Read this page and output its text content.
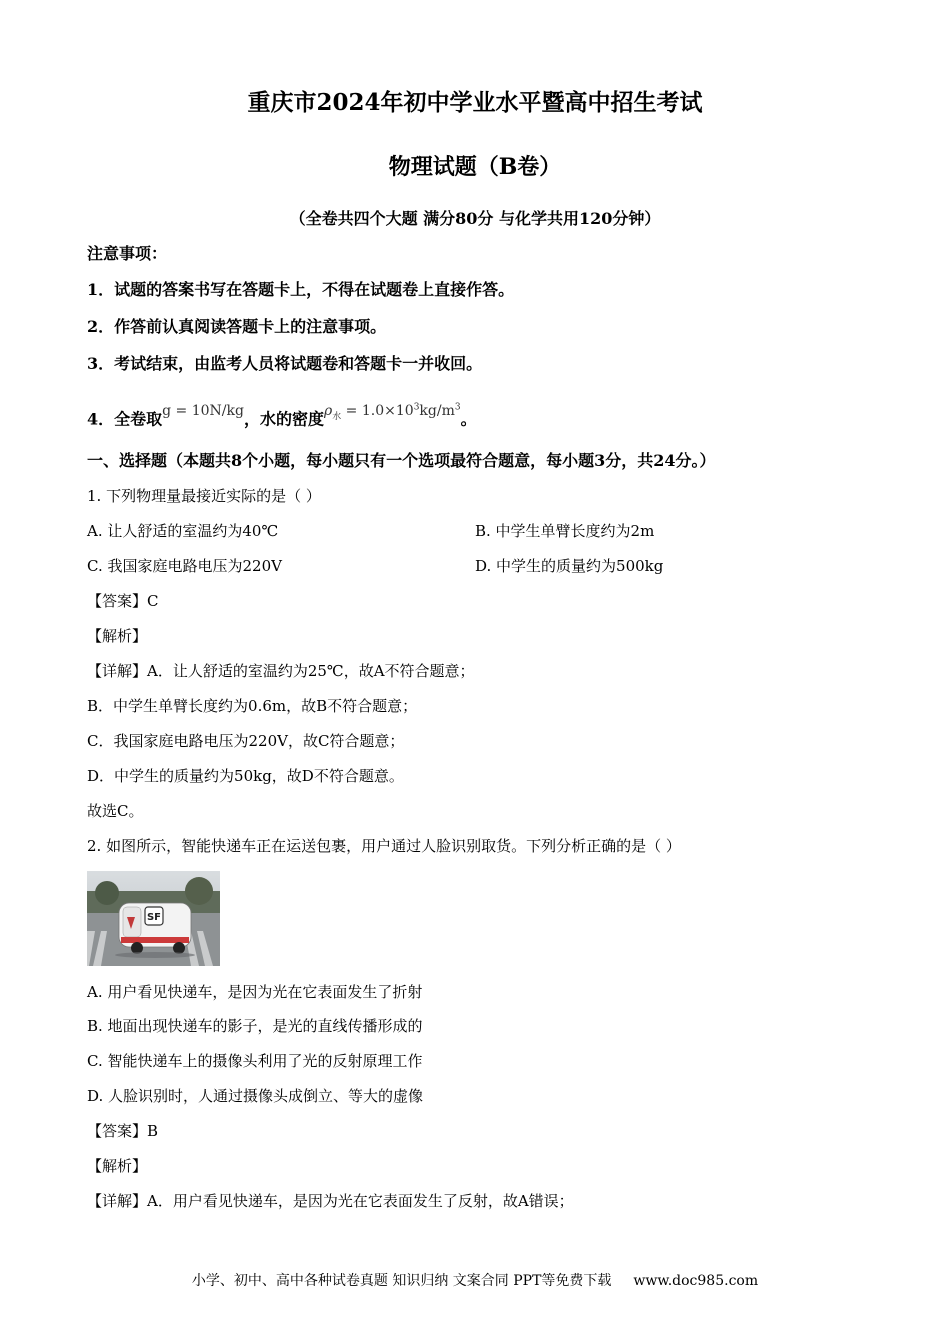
重庆市2024年初中学业水平暨高中招生考试
物理试题（B卷）
（全卷共四个大题 满分80分 与化学共用120分钟）
注意事项：
1．试题的答案书写在答题卡上，不得在试题卷上直接作答。
2．作答前认真阅读答题卡上的注意事项。
3．考试结束，由监考人员将试题卷和答题卡一并收回。
4．全卷取g = 10N/kg，水的密度$\rho_水 = 1.0\times 10^3kg/m^3$。
一、选择题（本题共8个小题，每小题只有一个选项最符合题意，每小题3分，共24分。）
1. 下列物理量最接近实际的是（ ）
A. 让人舒适的室温约为40℃	B. 中学生单臂长度约为2m
C. 我国家庭电路电压为220V	D. 中学生的质量约为500kg
【答案】C
【解析】
【详解】A．让人舒适的室温约为25℃，故A不符合题意；
B．中学生单臂长度约为0.6m，故B不符合题意；
C．我国家庭电路电压为220V，故C符合题意；
D．中学生的质量约为50kg，故D不符合题意。
故选C。
2. 如图所示，智能快递车正在运送包裹，用户通过人脸识别取货。下列分析正确的是（ ）
SF
A. 用户看见快递车，是因为光在它表面发生了折射
B. 地面出现快递车的影子，是光的直线传播形成的
C. 智能快递车上的摄像头利用了光的反射原理工作
D. 人脸识别时，人通过摄像头成倒立、等大的虚像
【答案】B
【解析】
【详解】A．用户看见快递车，是因为光在它表面发生了反射，故A错误；
小学、初中、高中各种试卷真题 知识归纳 文案合同 PPT等免费下载 www.doc985.com
